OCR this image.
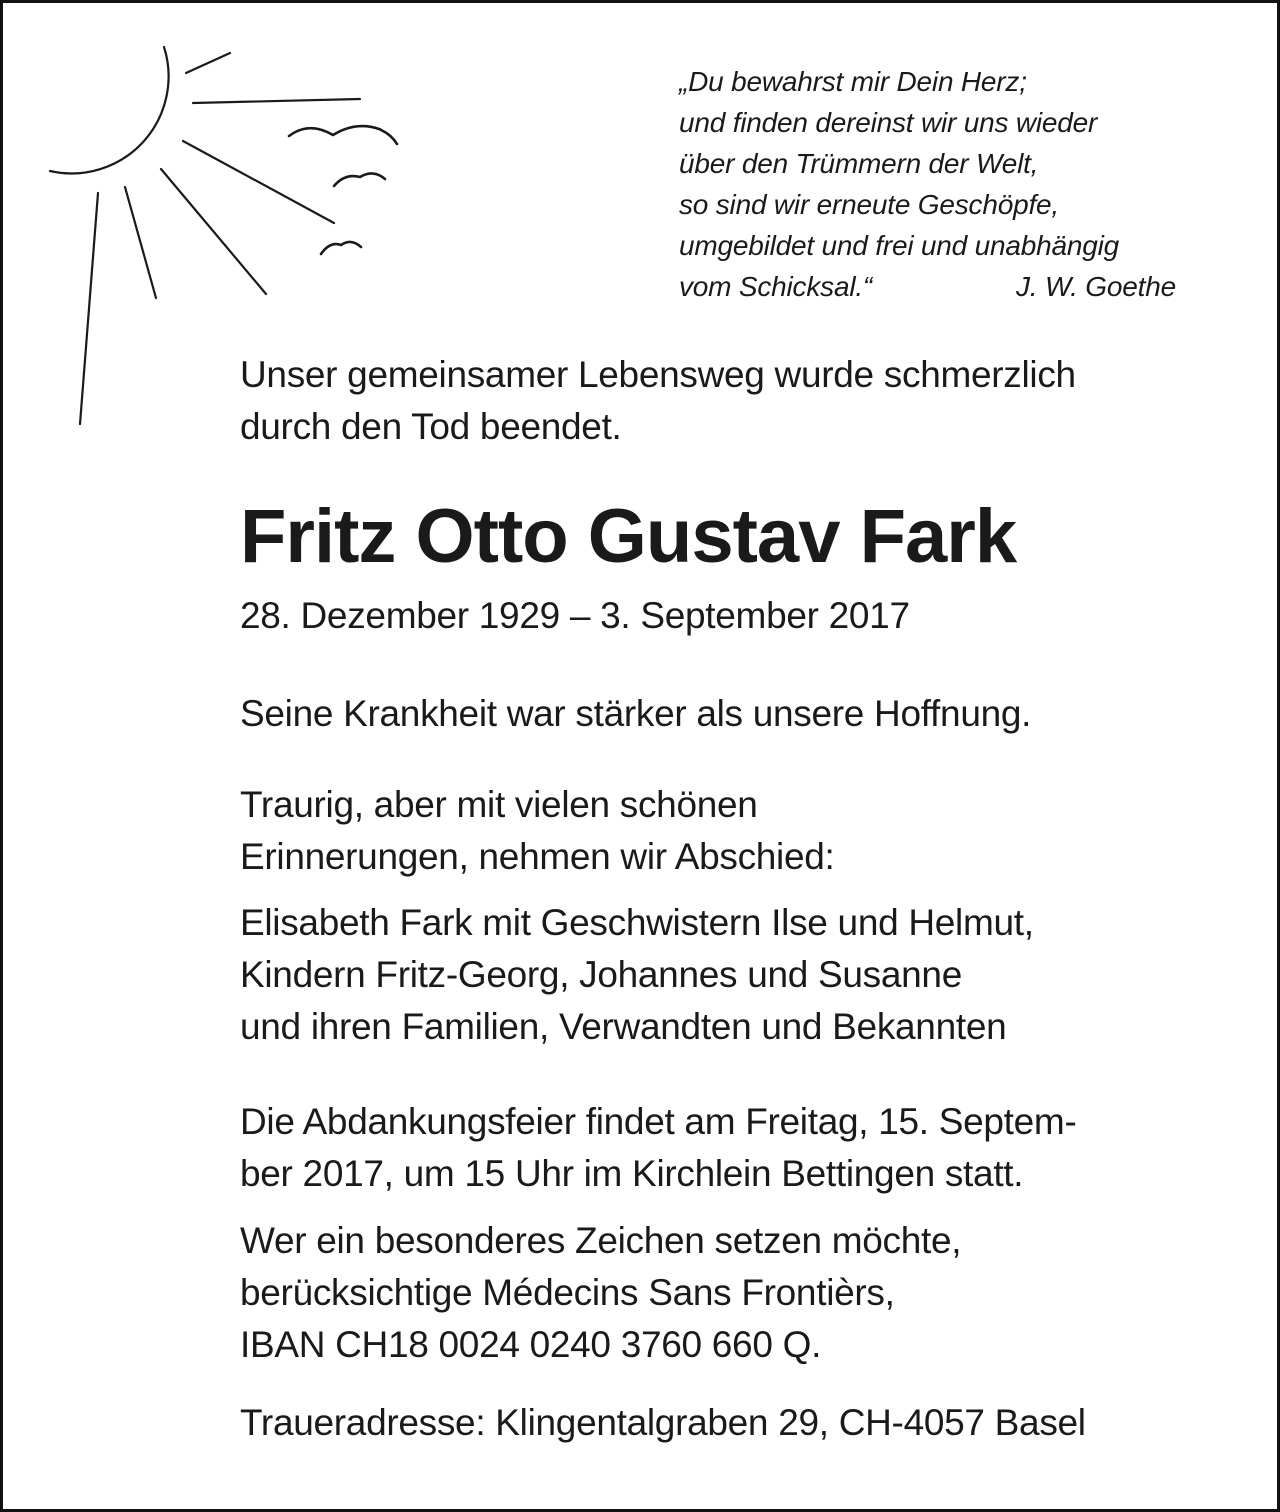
„Du bewahrst mir Dein Herz;
und finden dereinst wir uns wieder
über den Trümmern der Welt,
so sind wir erneute Geschöpfe,
umgebildet und frei und unabhängig
vom Schicksal.“	J. W. Goethe
Unser gemeinsamer Lebensweg wurde schmerzlich
durch den Tod beendet.
Fritz Otto Gustav Fark
28. Dezember 1929 – 3. September 2017
Seine Krankheit war stärker als unsere Hoffnung.
Traurig, aber mit vielen schönen
Erinnerungen, nehmen wir Abschied:
Elisabeth Fark mit Geschwistern Ilse und Helmut,
Kindern Fritz-Georg, Johannes und Susanne
und ihren Familien, Verwandten und Bekannten
Die Abdankungsfeier findet am Freitag, 15. Septem-
ber 2017, um 15 Uhr im Kirchlein Bettingen statt.
Wer ein besonderes Zeichen setzen möchte,
berücksichtige Médecins Sans Frontièrs,
IBAN CH18 0024 0240 3760 660 Q.
Traueradresse: Klingentalgraben 29, CH-4057 Basel
